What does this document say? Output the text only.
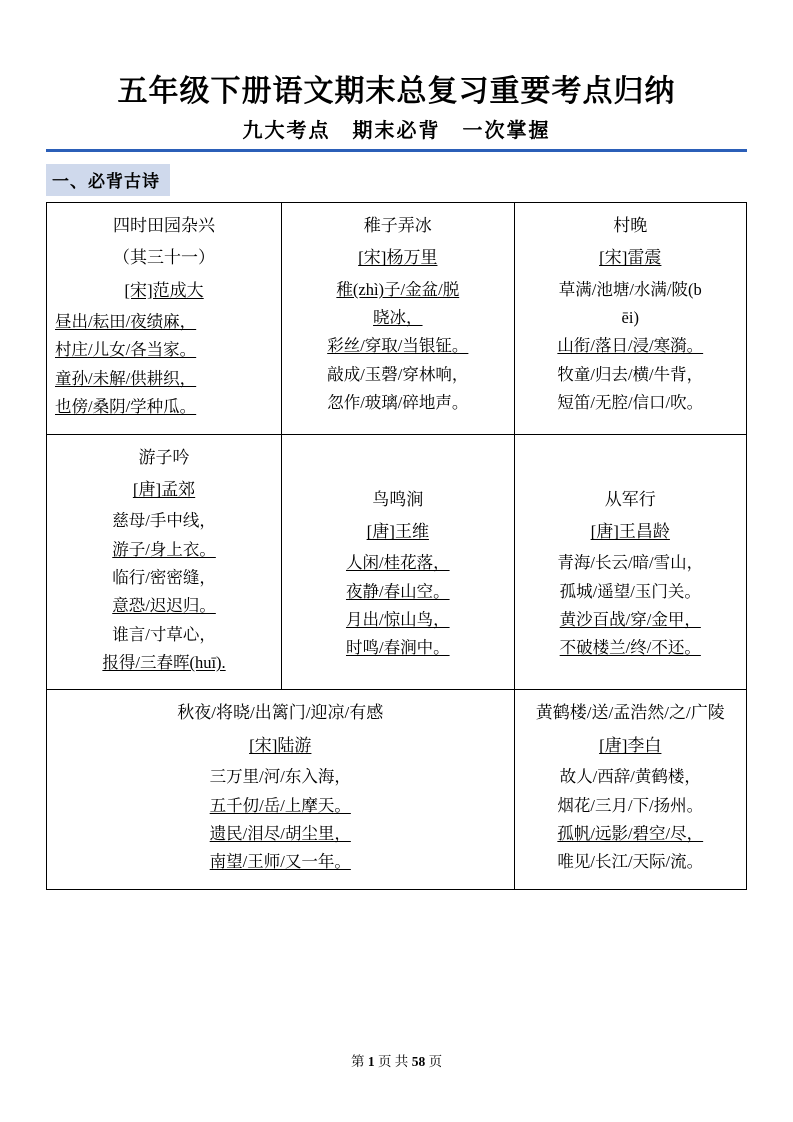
五年级下册语文期末总复习重要考点归纳
九大考点　期末必背　一次掌握
一、必背古诗
四时田园杂兴
（其三十一）
[宋]范成大
昼出/耘田/夜绩麻，
村庄/儿女/各当家。
童孙/未解/供耕织，
也傍/桑阴/学种瓜。

稚子弄冰
[宋]杨万里
稚(zhì)子/金盆/脱
晓冰，
彩丝/穿取/当银钲。
敲成/玉磬/穿林响，
忽作/玻璃/碎地声。

村晚
[宋]雷震
草满/池塘/水满/陂(b
ēi)
山衔/落日/浸/寒漪。
牧童/归去/横/牛背，
短笛/无腔/信口/吹。

游子吟
[唐]孟郊
慈母/手中线，
游子/身上衣。
临行/密密缝，
意恐/迟迟归。
谁言/寸草心，
报得/三春晖(huī).

鸟鸣涧
[唐]王维
人闲/桂花落，
夜静/春山空。
月出/惊山鸟，
时鸣/春涧中。

从军行
[唐]王昌龄
青海/长云/暗/雪山，
孤城/遥望/玉门关。
黄沙百战/穿/金甲，
不破楼兰/终/不还。

秋夜/将晓/出篱门/迎凉/有感
[宋]陆游
三万里/河/东入海，
五千仞/岳/上摩天。
遗民/泪尽/胡尘里，
南望/王师/又一年。

黄鹤楼/送/孟浩然/之/广陵
[唐]李白
故人/西辞/黄鹤楼，
烟花/三月/下/扬州。
孤帆/远影/碧空/尽，
唯见/长江/天际/流。
第 1 页 共 58 页
